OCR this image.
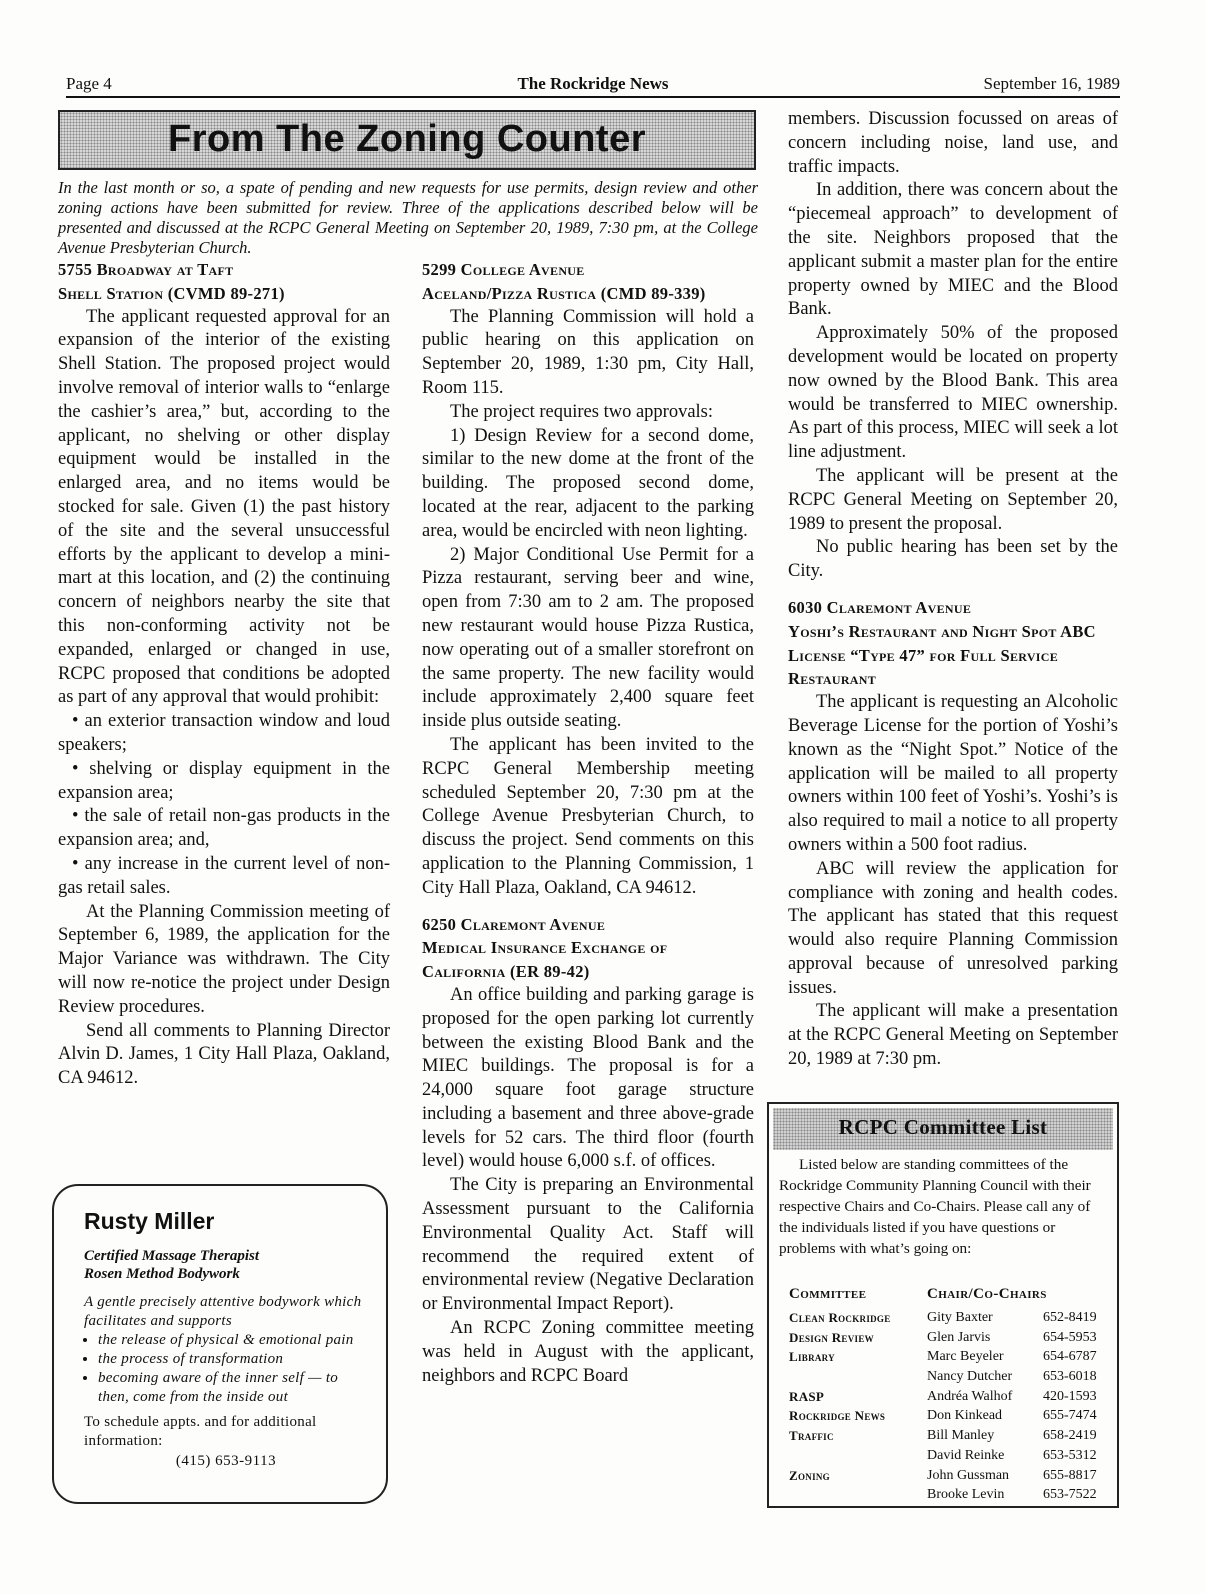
Page 4	The Rockridge News	September 16, 1989
From The Zoning Counter
In the last month or so, a spate of pending and new requests for use permits, design review and other zoning actions have been submitted for review. Three of the applications described below will be presented and discussed at the RCPC General Meeting on September 20, 1989, 7:30 pm, at the College Avenue Presbyterian Church.
5755 Broadway at Taft
Shell Station (CVMD 89-271)

The applicant requested approval for an expansion of the interior of the existing Shell Station. The proposed project would involve removal of interior walls to “enlarge the cashier’s area,” but, according to the applicant, no shelving or other display equipment would be installed in the enlarged area, and no items would be stocked for sale. Given (1) the past history of the site and the several unsuccessful efforts by the applicant to develop a mini-mart at this location, and (2) the continuing concern of neighbors nearby the site that this non-conforming activity not be expanded, enlarged or changed in use, RCPC proposed that conditions be adopted as part of any approval that would prohibit:

• an exterior transaction window and loud speakers;

• shelving or display equipment in the expansion area;

• the sale of retail non-gas products in the expansion area; and,

• any increase in the current level of non-gas retail sales.

At the Planning Commission meeting of September 6, 1989, the application for the Major Variance was withdrawn. The City will now re-notice the project under Design Review procedures.

Send all comments to Planning Director Alvin D. James, 1 City Hall Plaza, Oakland, CA 94612.

5299 College Avenue
Aceland/Pizza Rustica (CMD 89-339)

The Planning Commission will hold a public hearing on this application on September 20, 1989, 1:30 pm, City Hall, Room 115.

The project requires two approvals:

1) Design Review for a second dome, similar to the new dome at the front of the building. The proposed second dome, located at the rear, adjacent to the parking area, would be encircled with neon lighting.

2) Major Conditional Use Permit for a Pizza restaurant, serving beer and wine, open from 7:30 am to 2 am. The proposed new restaurant would house Pizza Rustica, now operating out of a smaller storefront on the same property. The new facility would include approximately 2,400 square feet inside plus outside seating.

The applicant has been invited to the RCPC General Membership meeting scheduled September 20, 7:30 pm at the College Avenue Presbyterian Church, to discuss the project. Send comments on this application to the Planning Commission, 1 City Hall Plaza, Oakland, CA 94612.

6250 Claremont Avenue
Medical Insurance Exchange of California (ER 89-42)

An office building and parking garage is proposed for the open parking lot currently between the existing Blood Bank and the MIEC buildings. The proposal is for a 24,000 square foot garage structure including a basement and three above-grade levels for 52 cars. The third floor (fourth level) would house 6,000 s.f. of offices.

The City is preparing an Environmental Assessment pursuant to the California Environmental Quality Act. Staff will recommend the required extent of environmental review (Negative Declaration or Environmental Impact Report).

An RCPC Zoning committee meeting was held in August with the applicant, neighbors and RCPC Board

members. Discussion focussed on areas of concern including noise, land use, and traffic impacts.

In addition, there was concern about the “piecemeal approach” to development of the site. Neighbors proposed that the applicant submit a master plan for the entire property owned by MIEC and the Blood Bank.

Approximately 50% of the proposed development would be located on property now owned by the Blood Bank. This area would be transferred to MIEC ownership. As part of this process, MIEC will seek a lot line adjustment.

The applicant will be present at the RCPC General Meeting on September 20, 1989 to present the proposal.

No public hearing has been set by the City.

6030 Claremont Avenue
Yoshi’s Restaurant and Night Spot ABC License “Type 47” for Full Service Restaurant

The applicant is requesting an Alcoholic Beverage License for the portion of Yoshi’s known as the “Night Spot.” Notice of the application will be mailed to all property owners within 100 feet of Yoshi’s. Yoshi’s is also required to mail a notice to all property owners within a 500 foot radius.

ABC will review the application for compliance with zoning and health codes. The applicant has stated that this request would also require Planning Commission approval because of unresolved parking issues.

The applicant will make a presentation at the RCPC General Meeting on September 20, 1989 at 7:30 pm.

Rusty Miller
Certified Massage Therapist
Rosen Method Bodywork
A gentle precisely attentive bodywork which facilitates and supports
• the release of physical & emotional pain
• the process of transformation
• becoming aware of the inner self — to then, come from the inside out
To schedule appts. and for additional information:
(415) 653-9113
RCPC Committee List
Listed below are standing committees of the Rockridge Community Planning Council with their respective Chairs and Co-Chairs. Please call any of the individuals listed if you have questions or problems with what’s going on:
Committee	Chair/Co-Chairs
Clean Rockridge	Gity Baxter	652-8419
Design Review	Glen Jarvis	654-5953
Library	Marc Beyeler	654-6787
Nancy Dutcher 653-6018
RASP	Andréa Walhof 420-1593
Rockridge News	Don Kinkead	655-7474
Traffic	Bill Manley	658-2419
David Reinke	653-5312
Zoning	John Gussman 655-8817
Brooke Levin	653-7522
